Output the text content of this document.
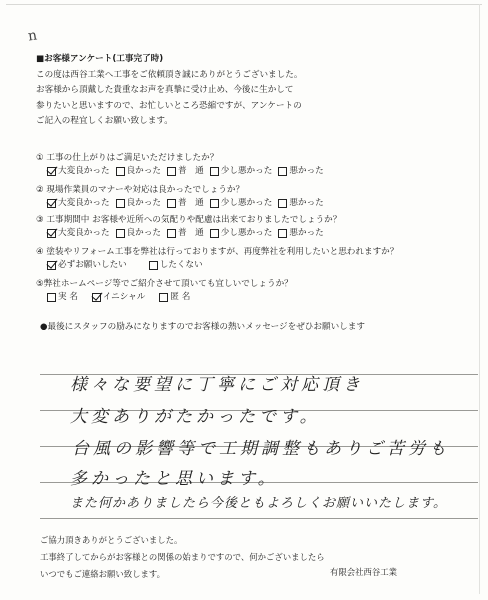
n

■お客様アンケート(工事完了時)

この度は西谷工業へ工事をご依頼頂き誠にありがとうございました。

お客様から頂戴した貴重なお声を真摯に受け止め、今後に生かして

参りたいと思いますので、お忙しいところ恐縮ですが、アンケートの

ご記入の程宜しくお願い致します。

① 工事の仕上がりはご満足いただけましたか？
大変良かった 良かった 普　通 少し悪かった 悪かった
② 現場作業員のマナーや対応は良かったでしょうか？
大変良かった 良かった 普　通 少し悪かった 悪かった
③ 工事期間中 お客様や近所への気配りや配慮は出来ておりましたでしょうか？
大変良かった 良かった 普　通 少し悪かった 悪かった
④ 塗装やリフォーム工事を弊社は行っておりますが、再度弊社を利用したいと思われますか？
必ずお願いしたい	したくない
⑤弊社ホームページ等でご紹介させて頂いても宜しいでしょうか？
実 名	イニシャル	匿 名
●最後にスタッフの励みになりますのでお客様の熱いメッセージをぜひお願いします
様々な要望に丁寧にご対応頂き
大変ありがたかったです。
台風の影響等で工期調整もありご苦労も
多かったと思います。
また何かありましたら今後ともよろしくお願いいたします。

ご協力頂きありがとうございました。

工事終了してからがお客様との関係の始まりですので、何かございましたら

いつでもご連絡お願い致します。	有限会社西谷工業
